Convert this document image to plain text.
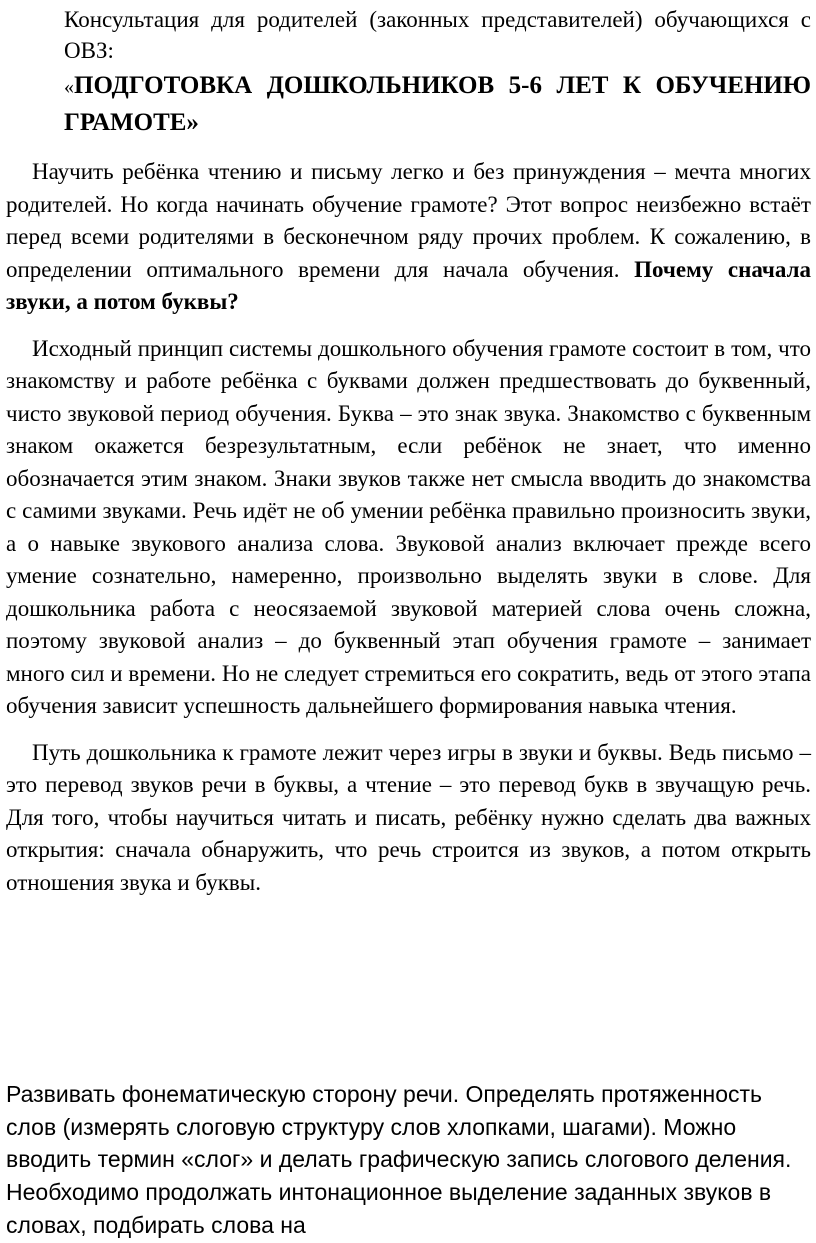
Консультация для родителей (законных представителей) обучающихся с ОВЗ:

«ПОДГОТОВКА ДОШКОЛЬНИКОВ 5-6 ЛЕТ К ОБУЧЕНИЮ ГРАМОТЕ»

Научить ребёнка чтению и письму легко и без принуждения – мечта многих родителей. Но когда начинать обучение грамоте? Этот вопрос неизбежно встаёт перед всеми родителями в бесконечном ряду прочих проблем. К сожалению, в определении оптимального времени для начала обучения. Почему сначала звуки, а потом буквы?

Исходный принцип системы дошкольного обучения грамоте состоит в том, что знакомству и работе ребёнка с буквами должен предшествовать до буквенный, чисто звуковой период обучения. Буква – это знак звука. Знакомство с буквенным знаком окажется безрезультатным, если ребёнок не знает, что именно обозначается этим знаком. Знаки звуков также нет смысла вводить до знакомства с самими звуками. Речь идёт не об умении ребёнка правильно произносить звуки, а о навыке звукового анализа слова. Звуковой анализ включает прежде всего умение сознательно, намеренно, произвольно выделять звуки в слове. Для дошкольника работа с неосязаемой звуковой материей слова очень сложна, поэтому звуковой анализ – до буквенный этап обучения грамоте – занимает много сил и времени. Но не следует стремиться его сократить, ведь от этого этапа обучения зависит успешность дальнейшего формирования навыка чтения.

Путь дошкольника к грамоте лежит через игры в звуки и буквы. Ведь письмо – это перевод звуков речи в буквы, а чтение – это перевод букв в звучащую речь. Для того, чтобы научиться читать и писать, ребёнку нужно сделать два важных открытия: сначала обнаружить, что речь строится из звуков, а потом открыть отношения звука и буквы.

Развивать фонематическую сторону речи. Определять протяженность слов (измерять слоговую структуру слов хлопками, шагами). Можно вводить термин «слог» и делать графическую запись слогового деления. Необходимо продолжать интонационное выделение заданных звуков в словах, подбирать слова на
